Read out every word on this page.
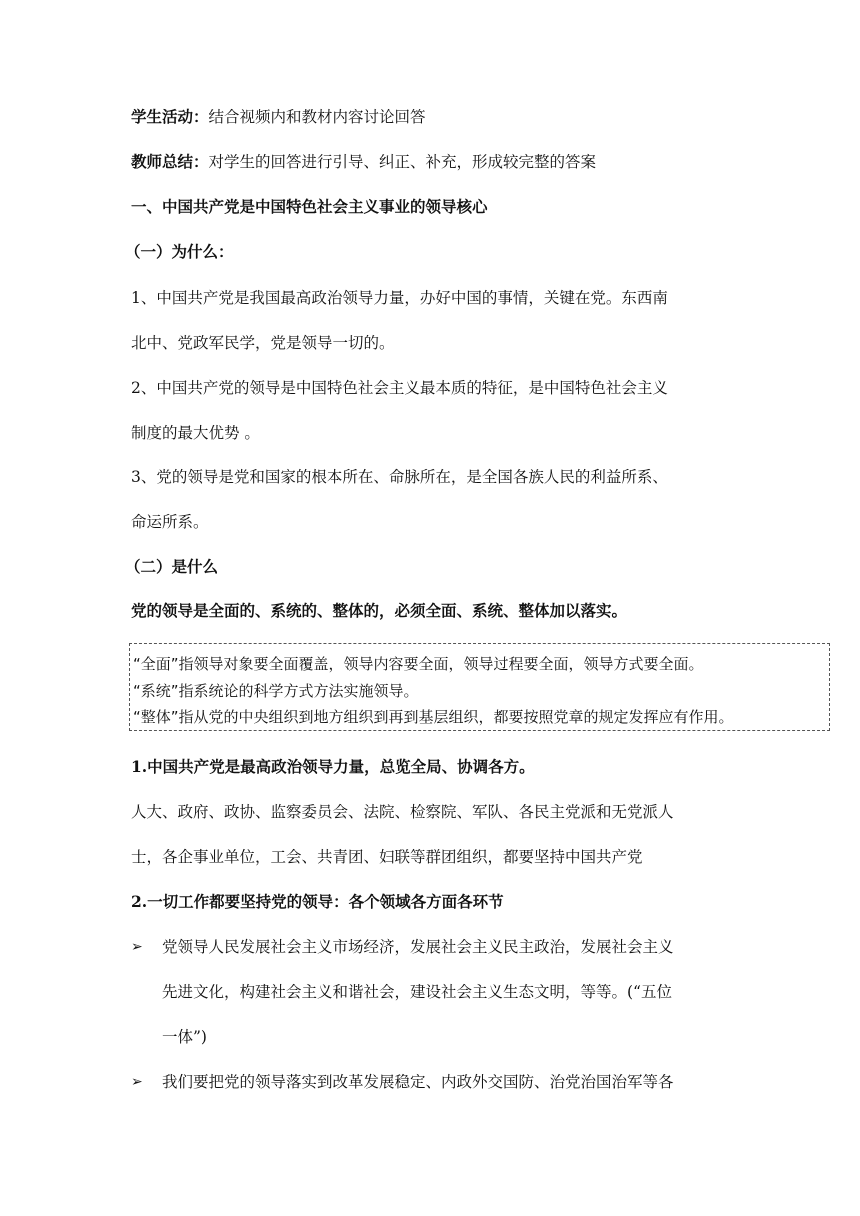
学生活动：结合视频内和教材内容讨论回答
教师总结：对学生的回答进行引导、纠正、补充，形成较完整的答案
一、中国共产党是中国特色社会主义事业的领导核心
（一）为什么：
1、中国共产党是我国最高政治领导力量，办好中国的事情，关键在党。东西南
北中、党政军民学，党是领导一切的。
2、中国共产党的领导是中国特色社会主义最本质的特征，是中国特色社会主义
制度的最大优势 。
3、党的领导是党和国家的根本所在、命脉所在，是全国各族人民的利益所系、
命运所系。
（二）是什么
党的领导是全面的、系统的、整体的，必须全面、系统、整体加以落实。
“全面”指领导对象要全面覆盖，领导内容要全面，领导过程要全面，领导方式要全面。
“系统”指系统论的科学方式方法实施领导。
“整体”指从党的中央组织到地方组织到再到基层组织，都要按照党章的规定发挥应有作用。
1.中国共产党是最高政治领导力量，总览全局、协调各方。
人大、政府、政协、监察委员会、法院、检察院、军队、各民主党派和无党派人
士，各企事业单位，工会、共青团、妇联等群团组织，都要坚持中国共产党
2.一切工作都要坚持党的领导：各个领域各方面各环节
➢ 党领导人民发展社会主义市场经济，发展社会主义民主政治，发展社会主义
先进文化，构建社会主义和谐社会，建设社会主义生态文明，等等。(“五位
一体”)
➢ 我们要把党的领导落实到改革发展稳定、内政外交国防、治党治国治军等各
